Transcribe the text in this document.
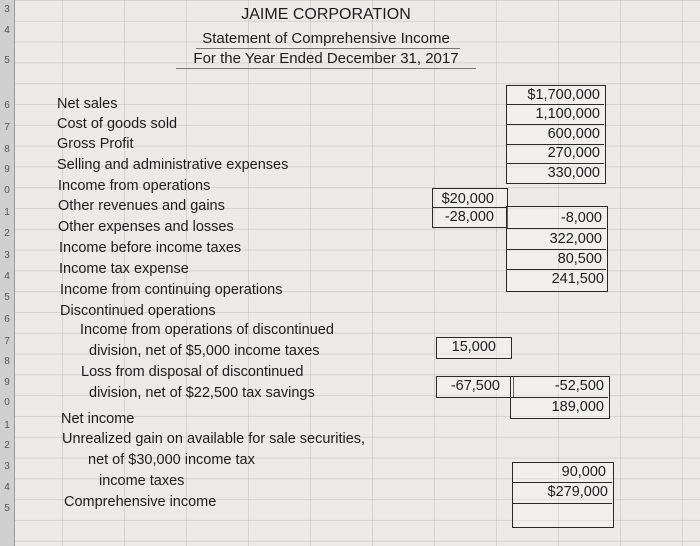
3
4
5
6
7
8
9
0
1
2
3
4
5
6
7
8
9
0
1
2
3
4
5
JAIME CORPORATION
Statement of Comprehensive Income
For the Year Ended December 31, 2017
Net sales
Cost of goods sold
Gross Profit
Selling and administrative expenses
Income from operations
Other revenues and gains
Other expenses and losses
Income before income taxes
Income tax expense
Income from continuing operations
Discontinued operations
Income from operations of discontinued
division, net of $5,000 income taxes
Loss from disposal of discontinued
division, net of $22,500 tax savings
Net income
Unrealized gain on available for sale securities,
net of $30,000 income tax
income taxes
Comprehensive income
$20,000
-28,000
15,000
-67,500
$1,700,000
1,100,000
600,000
270,000
330,000
-8,000
322,000
80,500
241,500
-52,500
189,000
90,000
$279,000
